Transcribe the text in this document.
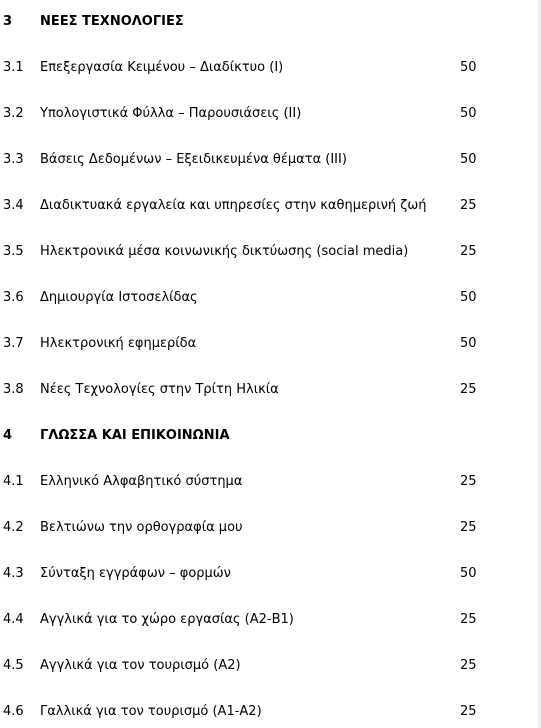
3 ΝΕΕΣ ΤΕΧΝΟΛΟΓΙΕΣ
3.1 Επεξεργασία Κειμένου – Διαδίκτυο (Ι)	50
3.2 Υπολογιστικά Φύλλα – Παρουσιάσεις (ΙΙ)	50
3.3 Βάσεις Δεδομένων – Εξειδικευμένα θέματα (ΙΙΙ)	50
3.4 Διαδικτυακά εργαλεία και υπηρεσίες στην καθημερινή ζωή	25
3.5 Ηλεκτρονικά μέσα κοινωνικής δικτύωσης (social media)	25
3.6 Δημιουργία Ιστοσελίδας	50
3.7 Ηλεκτρονική εφημερίδα	50
3.8 Νέες Τεχνολογίες στην Τρίτη Ηλικία	25
4 ΓΛΩΣΣΑ ΚΑΙ ΕΠΙΚΟΙΝΩΝΙΑ
4.1 Ελληνικό Αλφαβητικό σύστημα	25
4.2 Βελτιώνω την ορθογραφία μου	25
4.3 Σύνταξη εγγράφων – φορμών	50
4.4 Αγγλικά για το χώρο εργασίας (Α2-Β1)	25
4.5 Αγγλικά για τον τουρισμό (Α2)	25
4.6 Γαλλικά για τον τουρισμό (Α1-Α2)	25
